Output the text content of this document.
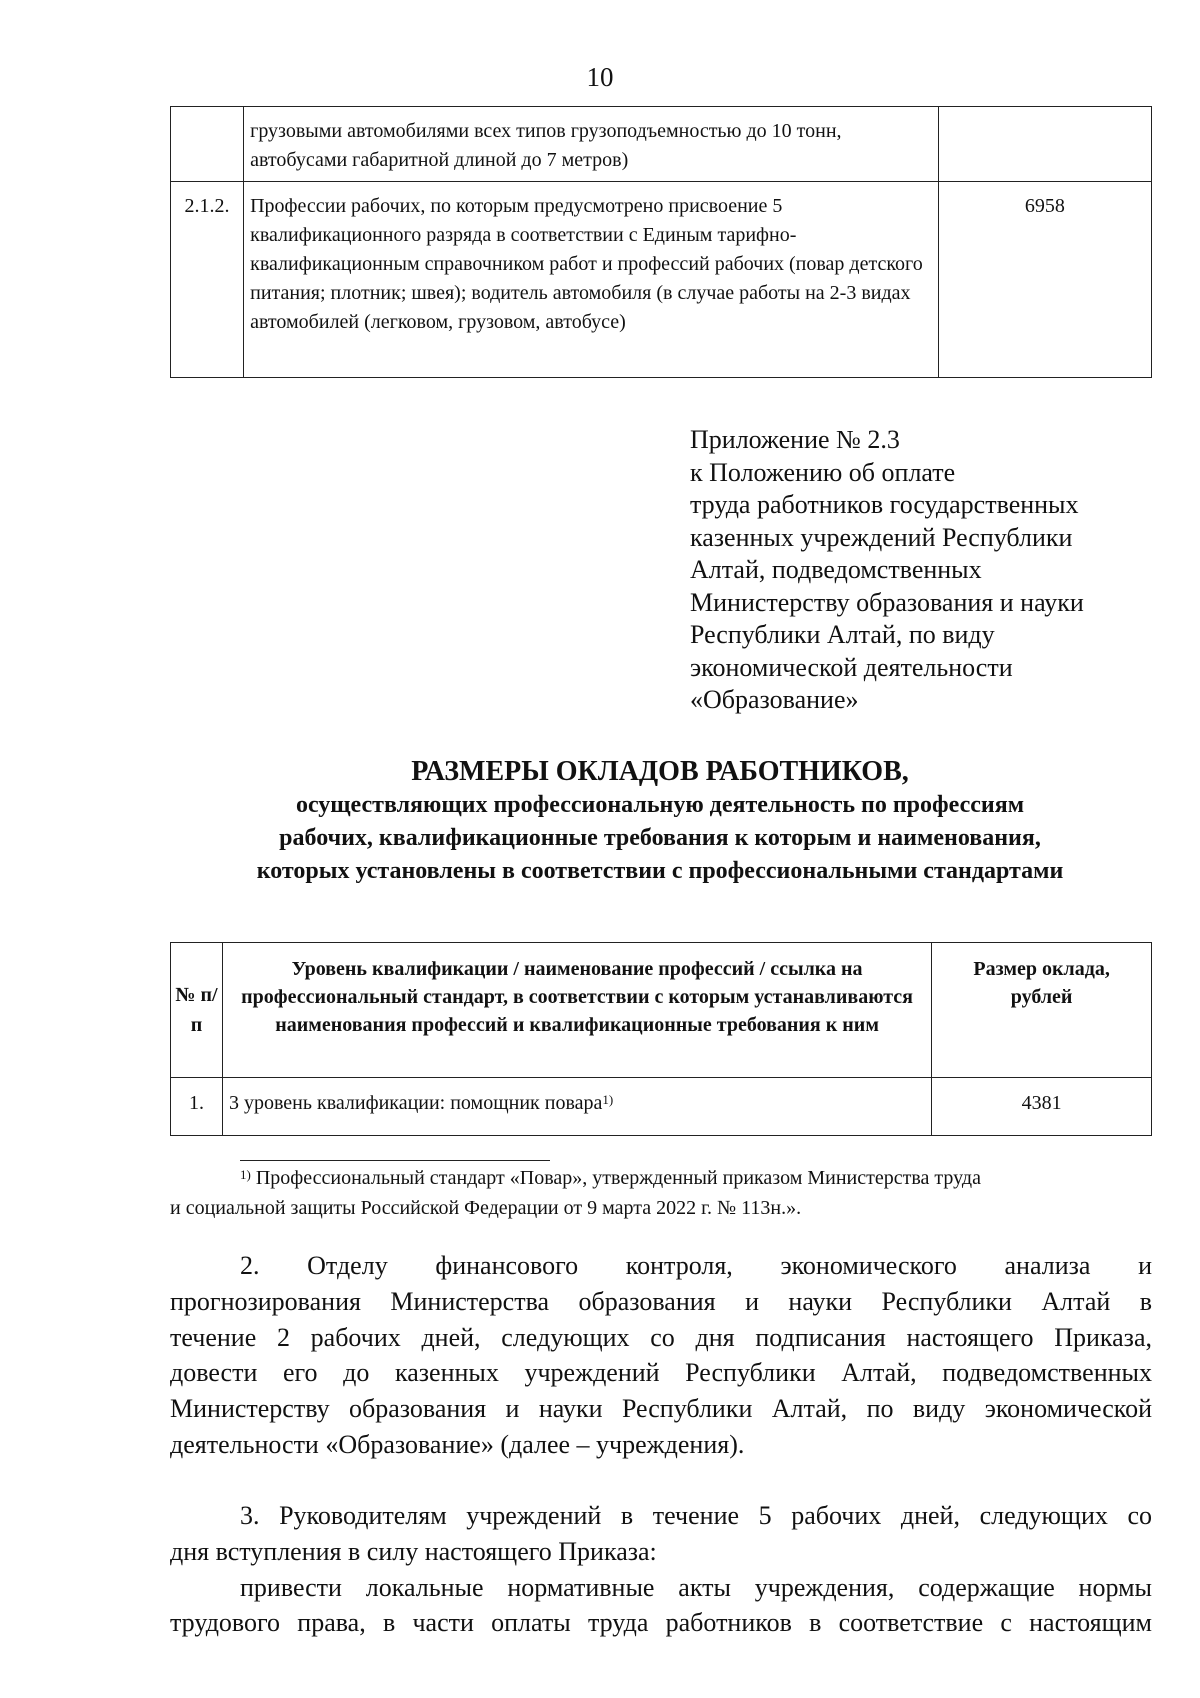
10
	грузовыми автомобилями всех типов грузоподъемностью до 10 тонн, автобусами габаритной длиной до 7 метров)	
2.1.2.	Профессии рабочих, по которым предусмотрено присвоение 5 квалификационного разряда в соответствии с Единым тарифно-квалификационным справочником работ и профессий рабочих (повар детского питания; плотник; швея); водитель автомобиля (в случае работы на 2-3 видах автомобилей (легковом, грузовом, автобусе)	6958
Приложение № 2.3
к Положению об оплате
труда работников государственных
казенных учреждений Республики
Алтай, подведомственных
Министерству образования и науки
Республики Алтай, по виду
экономической деятельности
«Образование»
РАЗМЕРЫ ОКЛАДОВ РАБОТНИКОВ,
осуществляющих профессиональную деятельность по профессиям
рабочих, квалификационные требования к которым и наименования,
которых установлены в соответствии с профессиональными стандартами
№ п/п	Уровень квалификации / наименование профессий / ссылка на профессиональный стандарт, в соответствии с которым устанавливаются наименования профессий и квалификационные требования к ним	Размер оклада, рублей
1.	3 уровень квалификации: помощник повара$^{1)}$	4381
$^{1)}$ Профессиональный стандарт «Повар», утвержденный приказом Министерства труда
и социальной защиты Российской Федерации от 9 марта 2022 г. № 113н.».
2. Отделу финансового контроля, экономического анализа и
прогнозирования Министерства образования и науки Республики Алтай в
течение 2 рабочих дней, следующих со дня подписания настоящего Приказа,
довести его до казенных учреждений Республики Алтай, подведомственных
Министерству образования и науки Республики Алтай, по виду экономической
деятельности «Образование» (далее – учреждения).
3. Руководителям учреждений в течение 5 рабочих дней, следующих со
дня вступления в силу настоящего Приказа:
привести локальные нормативные акты учреждения, содержащие нормы
трудового права, в части оплаты труда работников в соответствие с настоящим
